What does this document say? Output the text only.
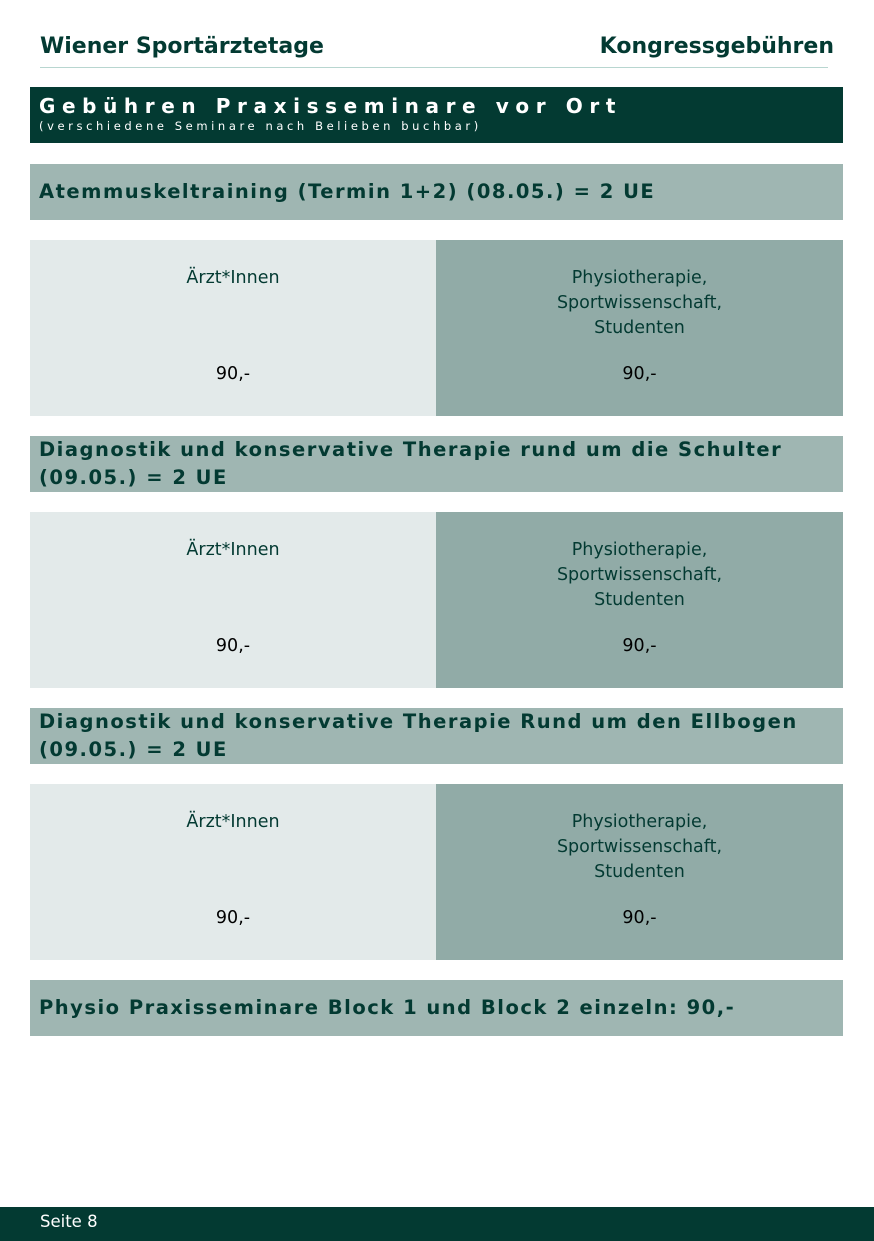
Wiener Sportärztetage	Kongressgebühren
Gebühren Praxisseminare vor Ort
(verschiedene Seminare nach Belieben buchbar)
Atemmuskeltraining (Termin 1+2) (08.05.) = 2 UE
Ärzt*Innen
90,-
Physiotherapie,
Sportwissenschaft,
Studenten
90,-
Diagnostik und konservative Therapie rund um die Schulter (09.05.) = 2 UE
Ärzt*Innen
90,-
Physiotherapie,
Sportwissenschaft,
Studenten
90,-
Diagnostik und konservative Therapie Rund um den Ellbogen (09.05.) = 2 UE
Ärzt*Innen
90,-
Physiotherapie,
Sportwissenschaft,
Studenten
90,-
Physio Praxisseminare Block 1 und Block 2 einzeln: 90,-
Seite 8
